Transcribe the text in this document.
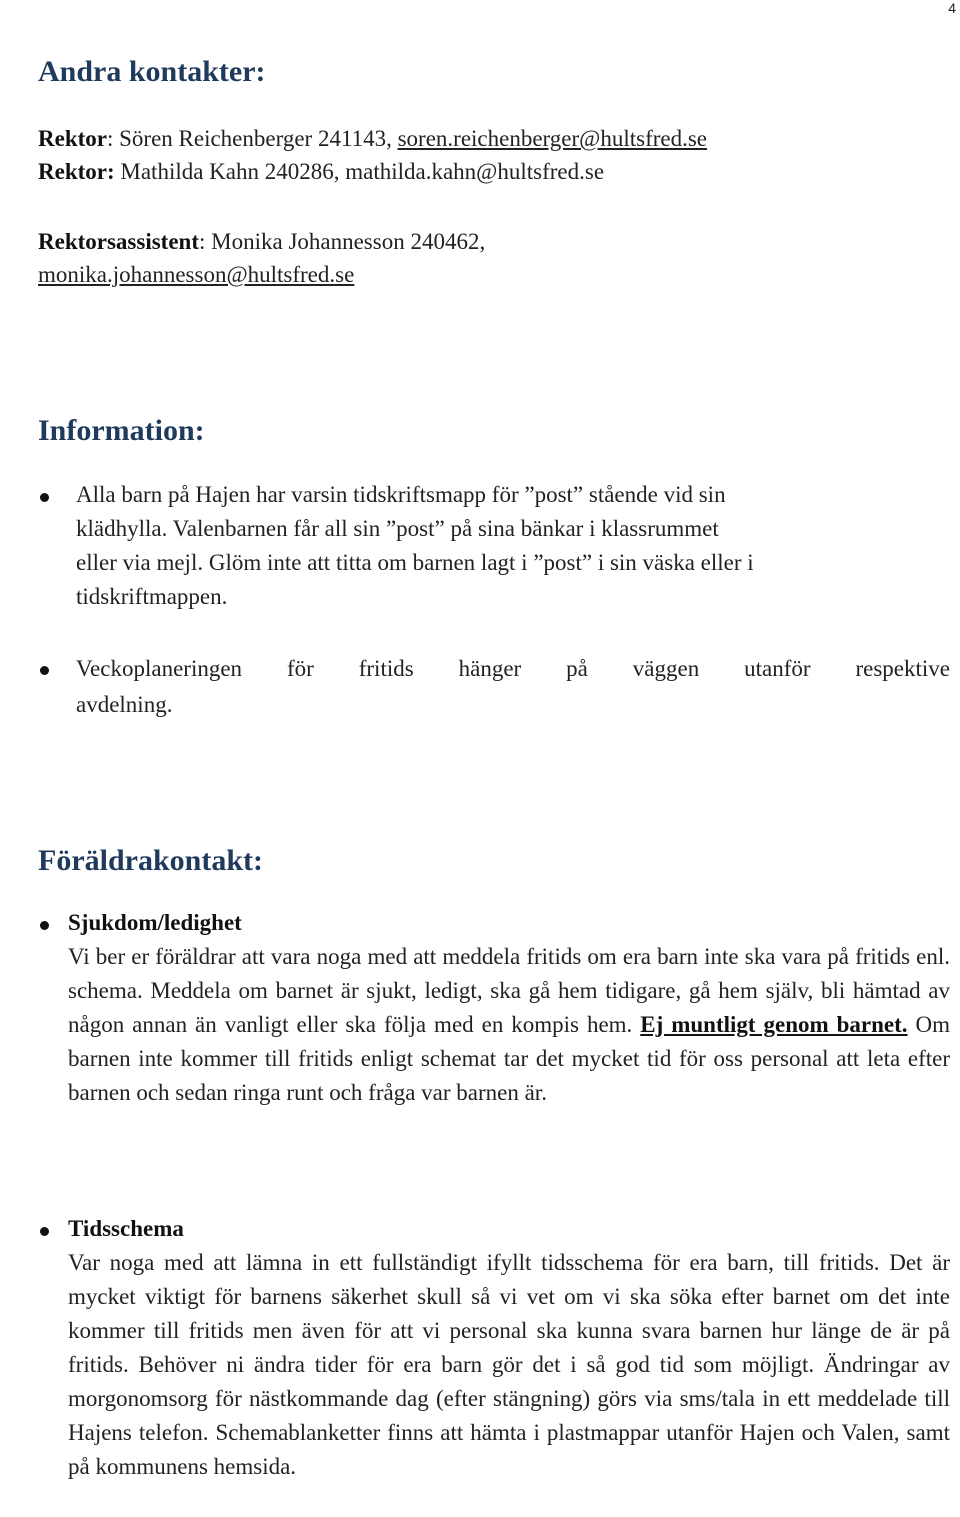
4
Andra kontakter:
Rektor: Sören Reichenberger 241143, soren.reichenberger@hultsfred.se
Rektor: Mathilda Kahn 240286, mathilda.kahn@hultsfred.se
Rektorsassistent: Monika Johannesson 240462,
monika.johannesson@hultsfred.se
Information:
Alla barn på Hajen har varsin tidskriftsmapp för ”post” stående vid sin
klädhylla. Valenbarnen får all sin ”post” på sina bänkar i klassrummet
eller via mejl. Glöm inte att titta om barnen lagt i ”post” i sin väska eller i
tidskriftmappen.
Veckoplaneringen för fritids hänger på väggen utanför respektive
avdelning.
Föräldrakontakt:
Sjukdom/ledighet
Vi ber er föräldrar att vara noga med att meddela fritids om era barn inte ska vara på fritids enl. schema. Meddela om barnet är sjukt, ledigt, ska gå hem tidigare, gå hem själv, bli hämtad av någon annan än vanligt eller ska följa med en kompis hem. Ej muntligt genom barnet. Om barnen inte kommer till fritids enligt schemat tar det mycket tid för oss personal att leta efter barnen och sedan ringa runt och fråga var barnen är.
Tidsschema
Var noga med att lämna in ett fullständigt ifyllt tidsschema för era barn, till fritids. Det är mycket viktigt för barnens säkerhet skull så vi vet om vi ska söka efter barnet om det inte kommer till fritids men även för att vi personal ska kunna svara barnen hur länge de är på fritids. Behöver ni ändra tider för era barn gör det i så god tid som möjligt. Ändringar av morgonomsorg för nästkommande dag (efter stängning) görs via sms/tala in ett meddelade till Hajens telefon. Schemablanketter finns att hämta i plastmappar utanför Hajen och Valen, samt på kommunens hemsida.
